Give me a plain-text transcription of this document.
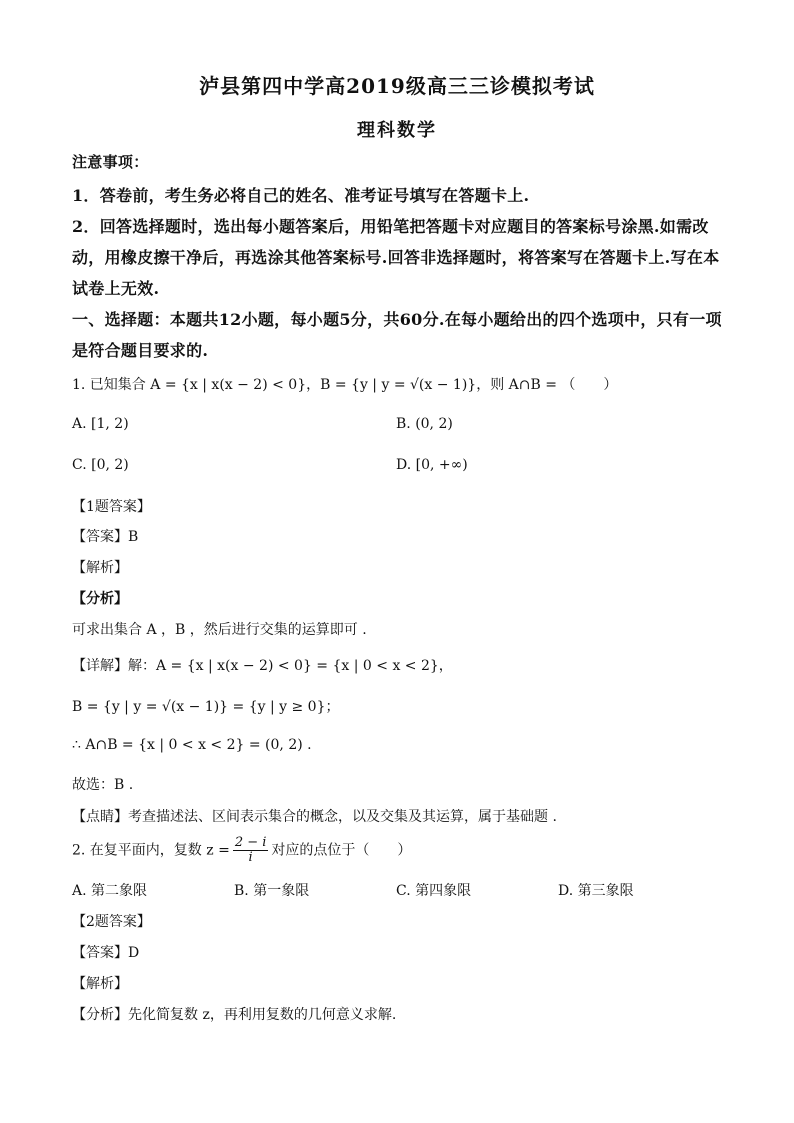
泸县第四中学高2019级高三三诊模拟考试
理科数学
注意事项：
1．答卷前，考生务必将自己的姓名、准考证号填写在答题卡上.
2．回答选择题时，选出每小题答案后，用铅笔把答题卡对应题目的答案标号涂黑.如需改
动，用橡皮擦干净后，再选涂其他答案标号.回答非选择题时，将答案写在答题卡上.写在本
试卷上无效.
一、选择题：本题共12小题，每小题5分，共60分.在每小题给出的四个选项中，只有一项
是符合题目要求的.
1. 已知集合 A = {x | x(x − 2) < 0}，B = {y | y = √(x − 1)}，则 A∩B = （　　）
A. [1, 2)	B. (0, 2)
C. [0, 2)	D. [0, +∞)
【1题答案】
【答案】B
【解析】
【分析】
可求出集合 A ，B ，然后进行交集的运算即可 .
【详解】解：A = {x | x(x − 2) < 0} = {x | 0 < x < 2}，
B = {y | y = √(x − 1)} = {y | y ≥ 0}；
∴ A∩B = {x | 0 < x < 2} = (0, 2) .
故选：B .
【点睛】考查描述法、区间表示集合的概念，以及交集及其运算，属于基础题 .
2. 在复平面内，复数 $z = \frac{2 - i}{i}$ 对应的点位于（　　）
A. 第二象限	B. 第一象限	C. 第四象限	D. 第三象限
【2题答案】
【答案】D
【解析】
【分析】先化简复数 z，再利用复数的几何意义求解.
